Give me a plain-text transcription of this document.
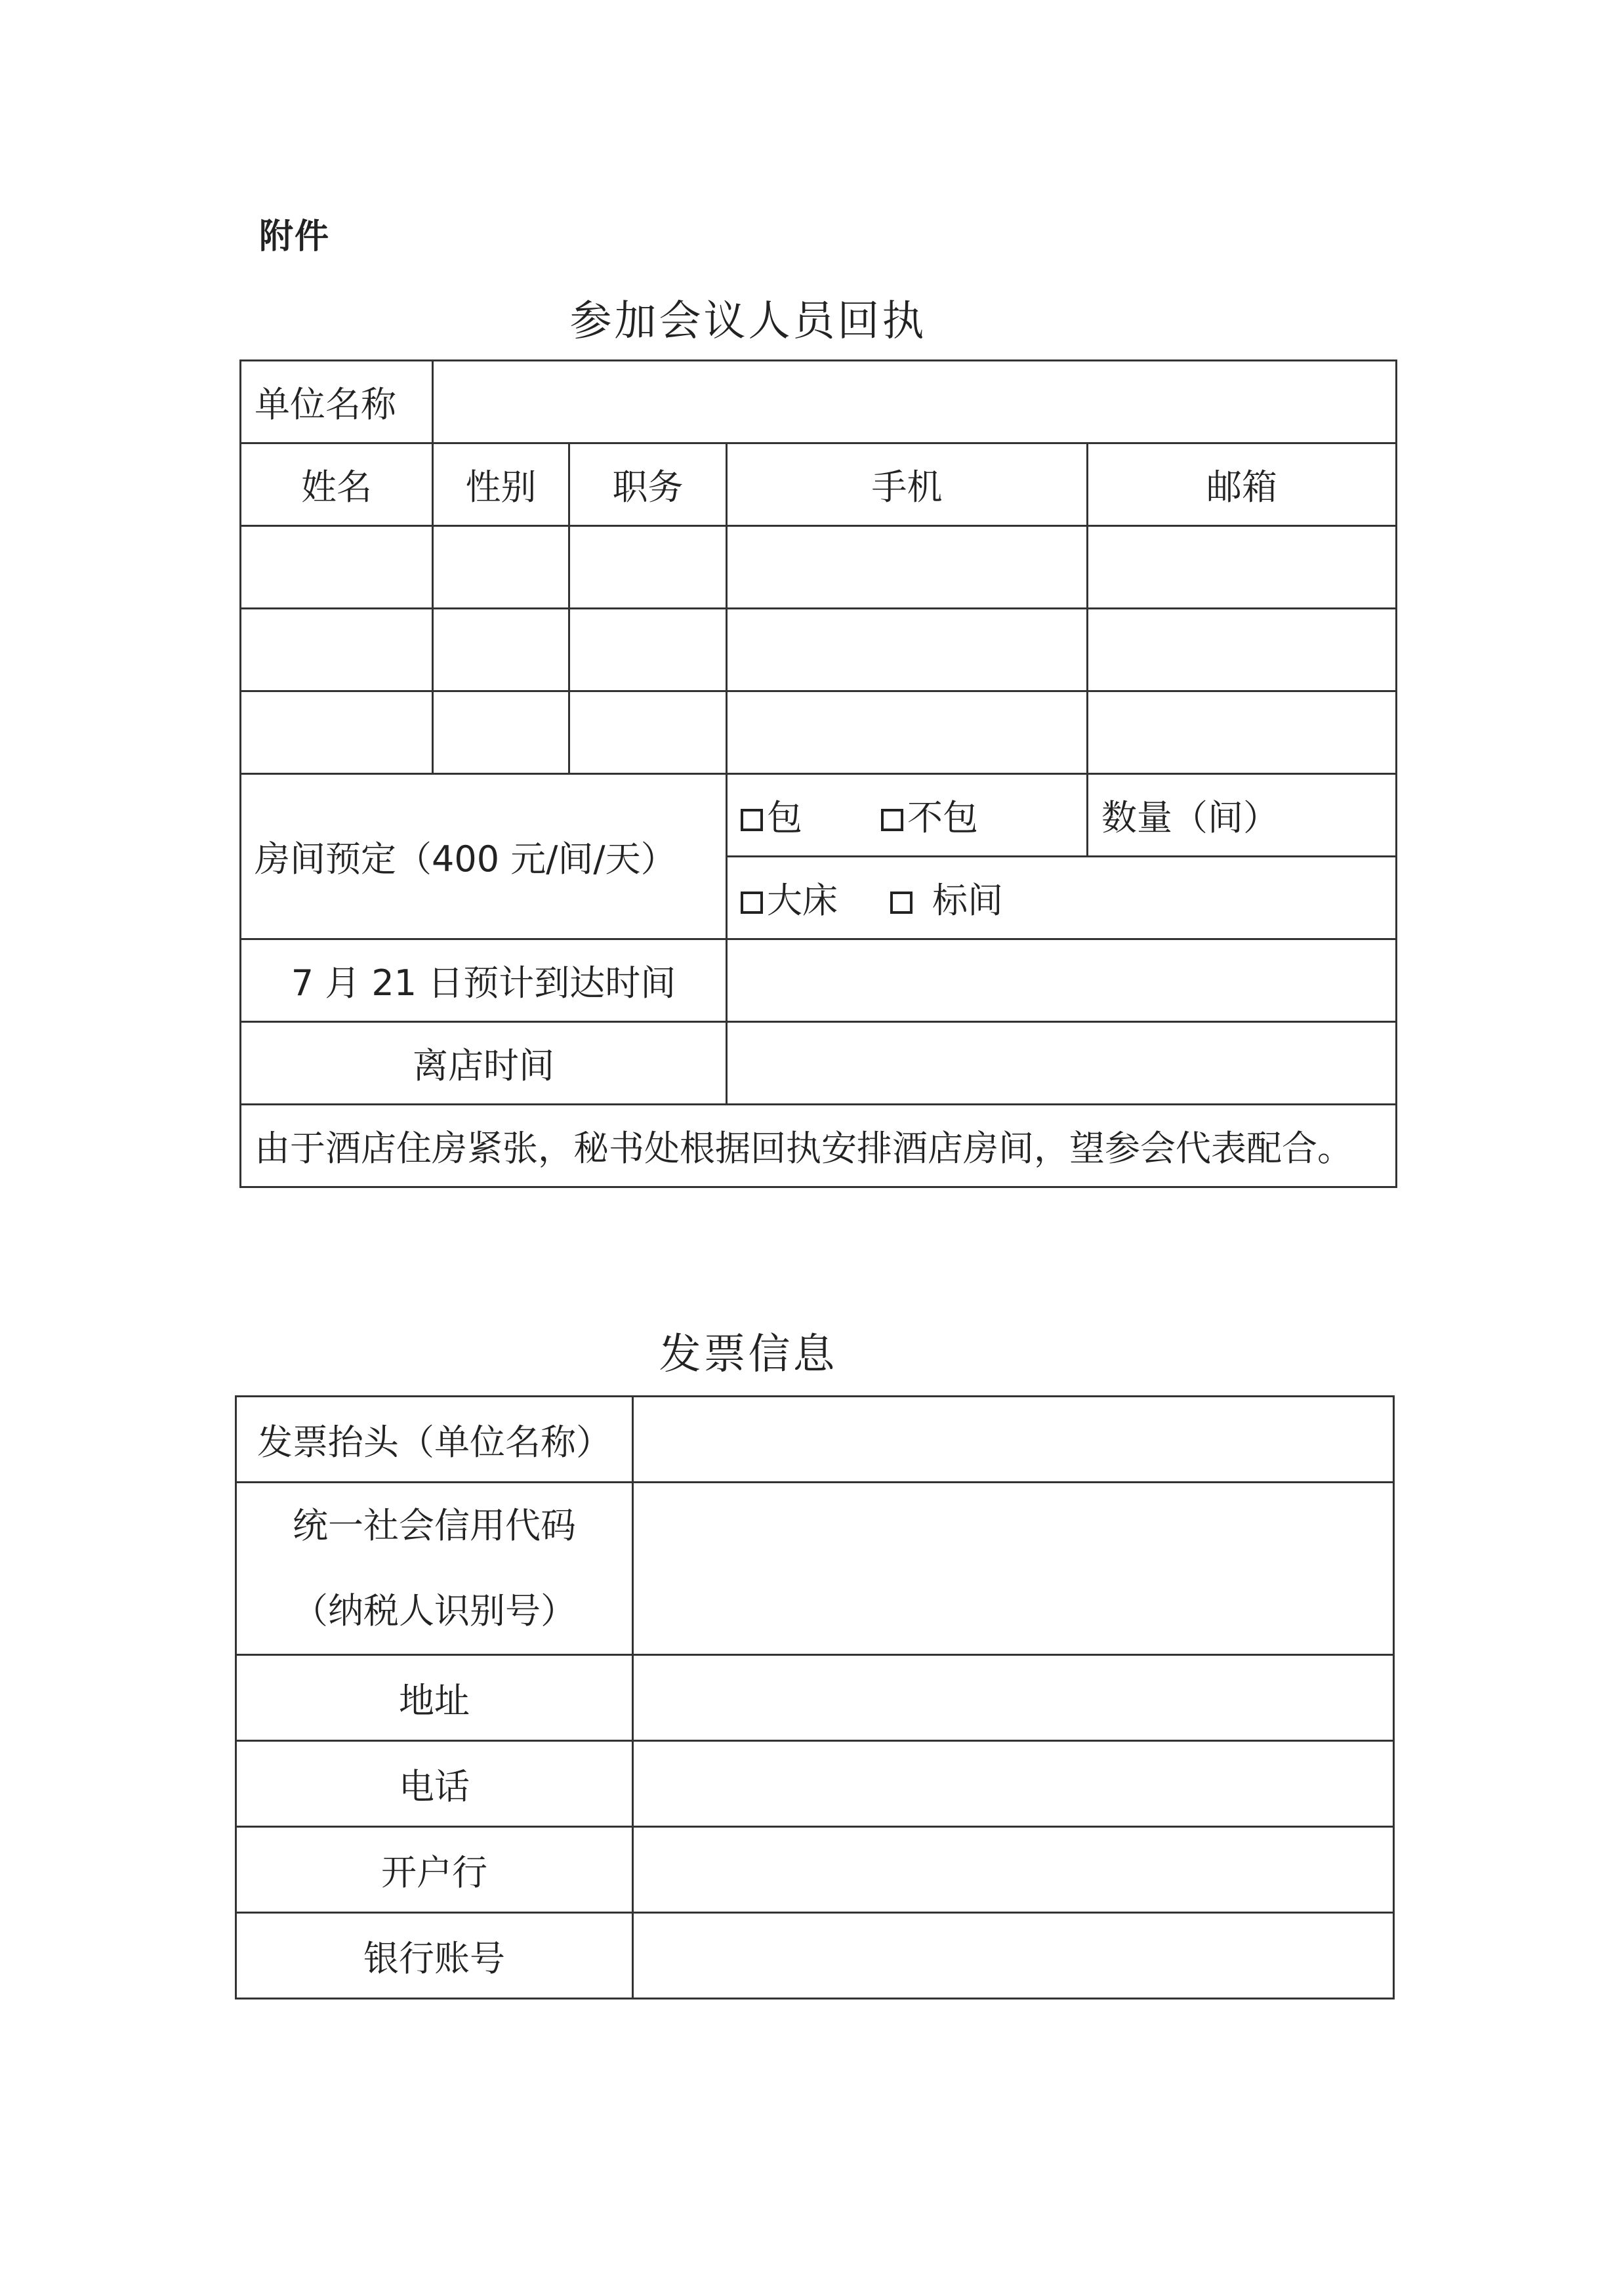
附件
参加会议人员回执
单位名称				
姓名	性别	职务	手机	邮箱

房间预定（400 元/间/天）			包 不包	数量（间）
			大床 标间	
7 月 21 日预计到达时间				
离店时间				
由于酒店住房紧张，秘书处根据回执安排酒店房间，望参会代表配合。				
发票信息
发票抬头（单位名称）	

统一社会信用代码
（纳税人识别号）	

地址	
电话	
开户行	
银行账号	
